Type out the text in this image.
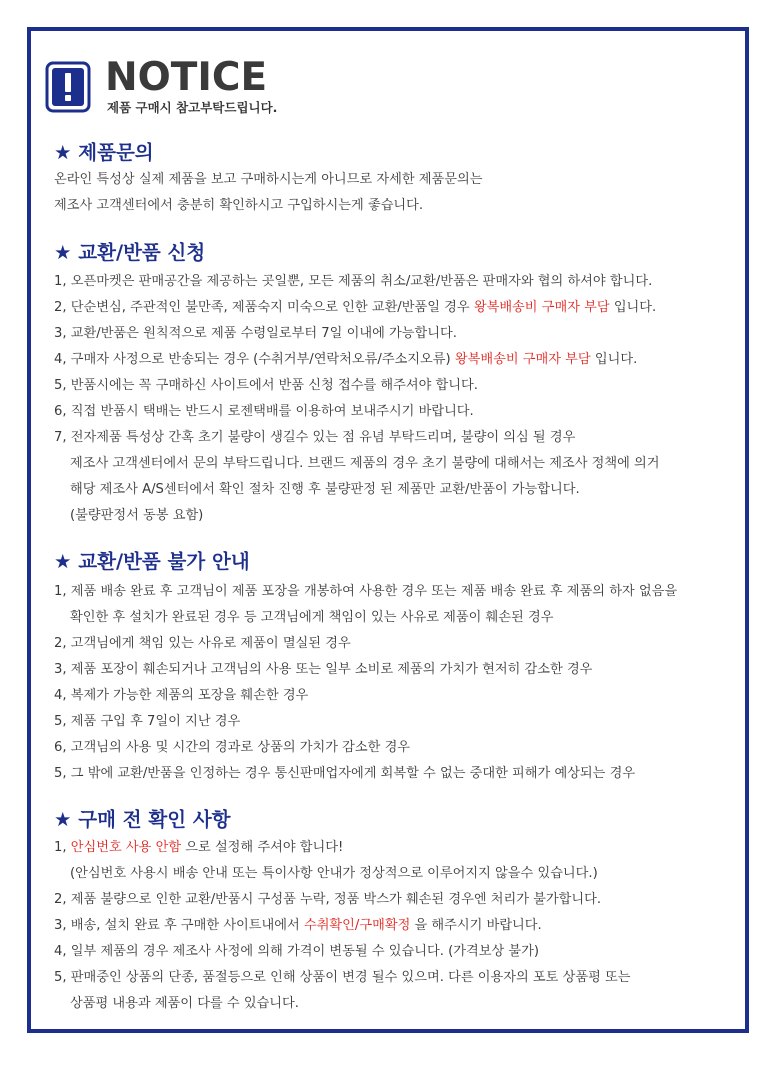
NOTICE
제품 구매시 참고부탁드립니다.
★ 제품문의
온라인 특성상 실제 제품을 보고 구매하시는게 아니므로 자세한 제품문의는
제조사 고객센터에서 충분히 확인하시고 구입하시는게 좋습니다.
★ 교환/반품 신청
1, 오픈마켓은 판매공간을 제공하는 곳일뿐, 모든 제품의 취소/교환/반품은 판매자와 협의 하셔야 합니다.
2, 단순변심, 주관적인 불만족, 제품숙지 미숙으로 인한 교환/반품일 경우 왕복배송비 구매자 부담 입니다.
3, 교환/반품은 원칙적으로 제품 수령일로부터 7일 이내에 가능합니다.
4, 구매자 사정으로 반송되는 경우 (수취거부/연락처오류/주소지오류) 왕복배송비 구매자 부담 입니다.
5, 반품시에는 꼭 구매하신 사이트에서 반품 신청 접수를 해주셔야 합니다.
6, 직접 반품시 택배는 반드시 로젠택배를 이용하여 보내주시기 바랍니다.
7, 전자제품 특성상 간혹 초기 불량이 생길수 있는 점 유념 부탁드리며, 불량이 의심 될 경우
제조사 고객센터에서 문의 부탁드립니다. 브랜드 제품의 경우 초기 불량에 대해서는 제조사 정책에 의거
해당 제조사 A/S센터에서 확인 절차 진행 후 불량판정 된 제품만 교환/반품이 가능합니다.
(불량판정서 동봉 요함)
★ 교환/반품 불가 안내
1, 제품 배송 완료 후 고객님이 제품 포장을 개봉하여 사용한 경우 또는 제품 배송 완료 후 제품의 하자 없음을
확인한 후 설치가 완료된 경우 등 고객님에게 책임이 있는 사유로 제품이 훼손된 경우
2, 고객님에게 책임 있는 사유로 제품이 멸실된 경우
3, 제품 포장이 훼손되거나 고객님의 사용 또는 일부 소비로 제품의 가치가 현저히 감소한 경우
4, 복제가 가능한 제품의 포장을 훼손한 경우
5, 제품 구입 후 7일이 지난 경우
6, 고객님의 사용 및 시간의 경과로 상품의 가치가 감소한 경우
5, 그 밖에 교환/반품을 인정하는 경우 통신판매업자에게 회복할 수 없는 중대한 피해가 예상되는 경우
★ 구매 전 확인 사항
1, 안심번호 사용 안함 으로 설정해 주셔야 합니다!
(안심번호 사용시 배송 안내 또는 특이사항 안내가 정상적으로 이루어지지 않을수 있습니다.)
2, 제품 불량으로 인한 교환/반품시 구성품 누락, 정품 박스가 훼손된 경우엔 처리가 불가합니다.
3, 배송, 설치 완료 후 구매한 사이트내에서 수취확인/구매확정 을 해주시기 바랍니다.
4, 일부 제품의 경우 제조사 사정에 의해 가격이 변동될 수 있습니다. (가격보상 불가)
5, 판매중인 상품의 단종, 품절등으로 인해 상품이 변경 될수 있으며. 다른 이용자의 포토 상품평 또는
상품평 내용과 제품이 다를 수 있습니다.
